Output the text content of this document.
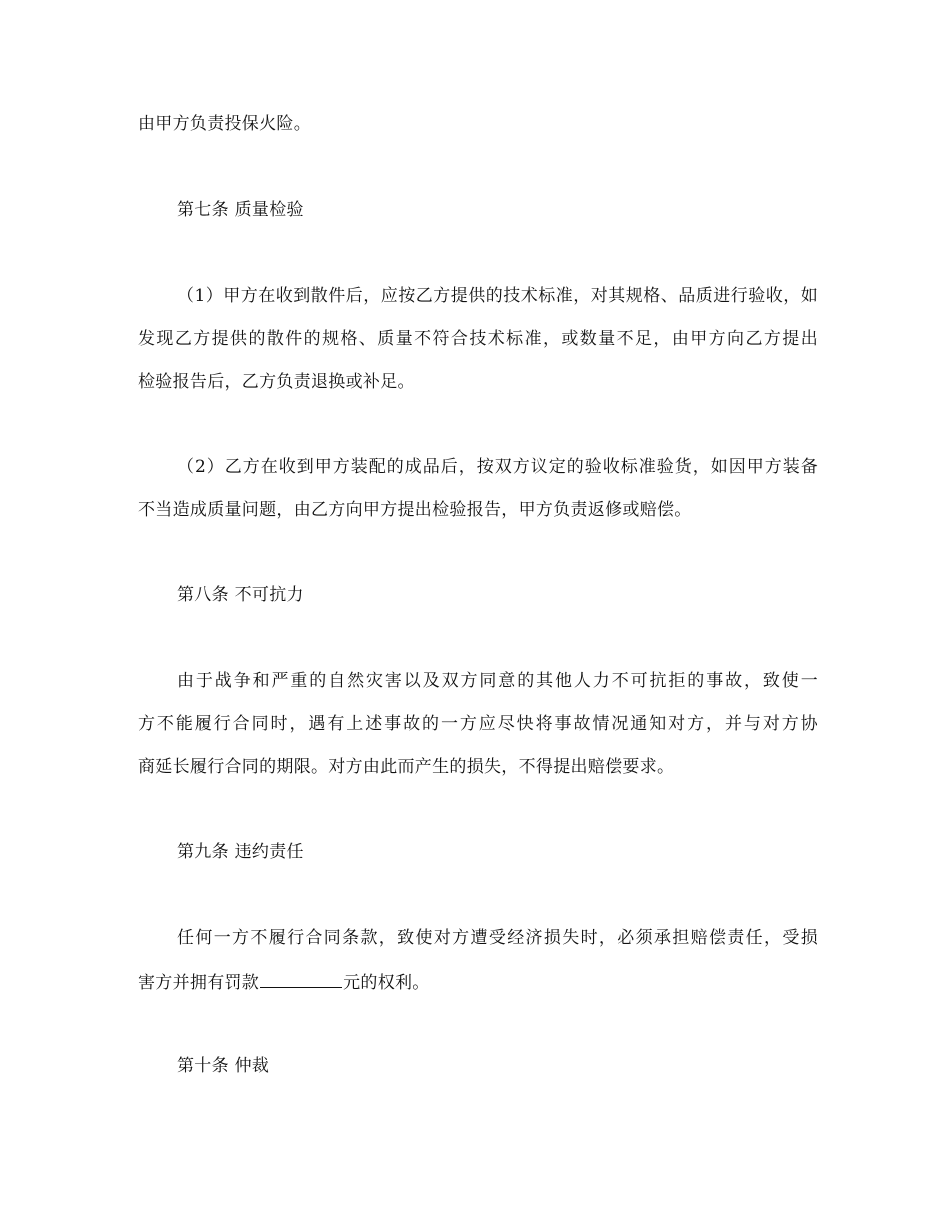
由甲方负责投保火险。
第七条 质量检验
（1）甲方在收到散件后，应按乙方提供的技术标准，对其规格、品质进行验收，如
发现乙方提供的散件的规格、质量不符合技术标准，或数量不足，由甲方向乙方提出
检验报告后，乙方负责退换或补足。
（2）乙方在收到甲方装配的成品后，按双方议定的验收标准验货，如因甲方装备
不当造成质量问题，由乙方向甲方提出检验报告，甲方负责返修或赔偿。
第八条 不可抗力
由于战争和严重的自然灾害以及双方同意的其他人力不可抗拒的事故，致使一
方不能履行合同时，遇有上述事故的一方应尽快将事故情况通知对方，并与对方协
商延长履行合同的期限。对方由此而产生的损失，不得提出赔偿要求。
第九条 违约责任
任何一方不履行合同条款，致使对方遭受经济损失时，必须承担赔偿责任，受损
害方并拥有罚款	元的权利。
第十条 仲裁
